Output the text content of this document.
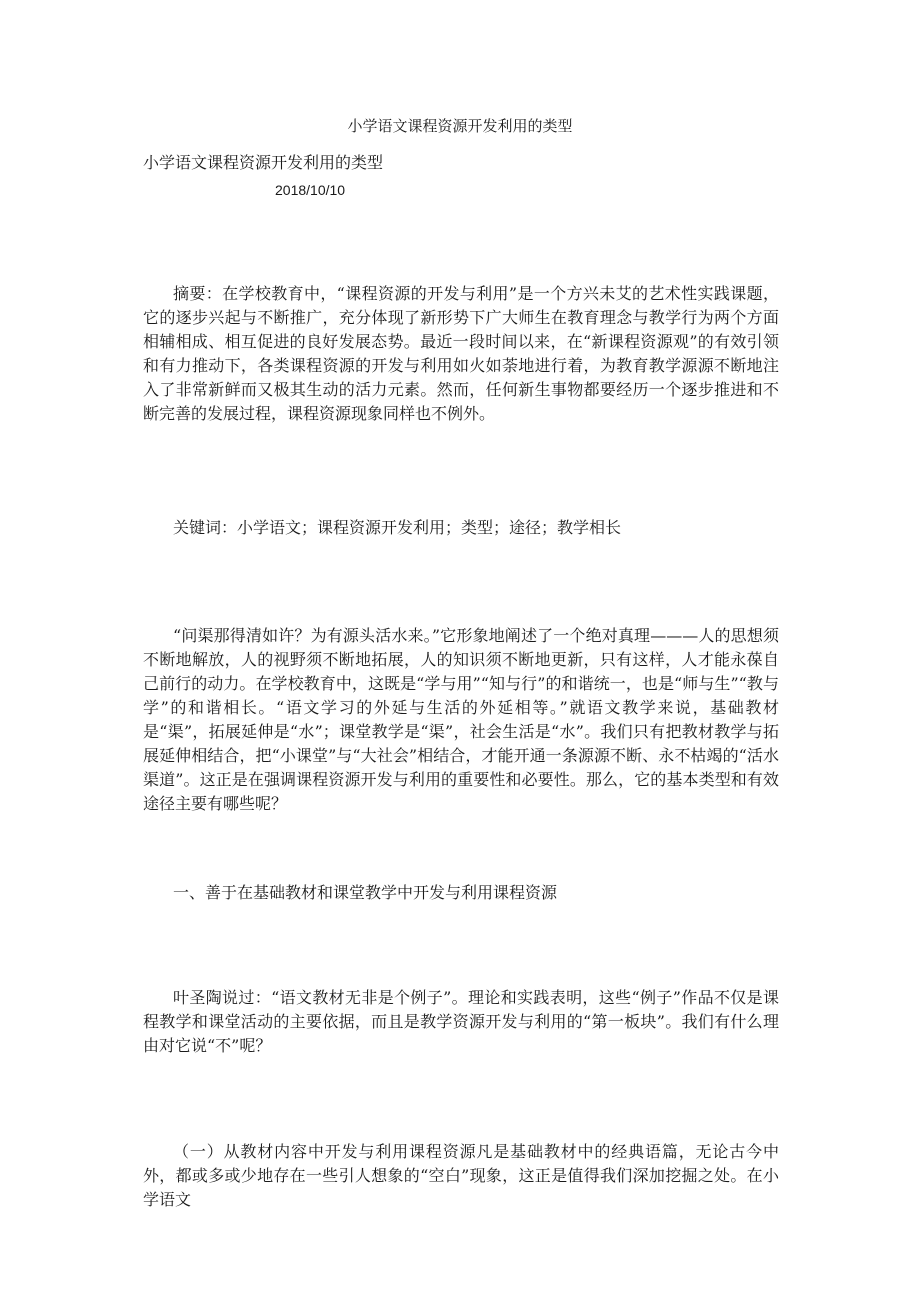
小学语文课程资源开发利用的类型
小学语文课程资源开发利用的类型
2018/10/10

摘要：在学校教育中，“课程资源的开发与利用”是一个方兴未艾的艺术性实践课题，它的逐步兴起与不断推广，充分体现了新形势下广大师生在教育理念与教学行为两个方面相辅相成、相互促进的良好发展态势。最近一段时间以来，在“新课程资源观”的有效引领和有力推动下，各类课程资源的开发与利用如火如荼地进行着，为教育教学源源不断地注入了非常新鲜而又极其生动的活力元素。然而，任何新生事物都要经历一个逐步推进和不断完善的发展过程，课程资源现象同样也不例外。

关键词：小学语文；课程资源开发利用；类型；途径；教学相长

“问渠那得清如许？为有源头活水来。”它形象地阐述了一个绝对真理———人的思想须不断地解放，人的视野须不断地拓展，人的知识须不断地更新，只有这样，人才能永葆自己前行的动力。在学校教育中，这既是“学与用”“知与行”的和谐统一，也是“师与生”“教与学”的和谐相长。“语文学习的外延与生活的外延相等。”就语文教学来说，基础教材是“渠”，拓展延伸是“水”；课堂教学是“渠”，社会生活是“水”。我们只有把教材教学与拓展延伸相结合，把“小课堂”与“大社会”相结合，才能开通一条源源不断、永不枯竭的“活水渠道”。这正是在强调课程资源开发与利用的重要性和必要性。那么，它的基本类型和有效途径主要有哪些呢？

一、善于在基础教材和课堂教学中开发与利用课程资源

叶圣陶说过：“语文教材无非是个例子”。理论和实践表明，这些“例子”作品不仅是课程教学和课堂活动的主要依据，而且是教学资源开发与利用的“第一板块”。我们有什么理由对它说“不”呢？

（一）从教材内容中开发与利用课程资源凡是基础教材中的经典语篇，无论古今中外，都或多或少地存在一些引人想象的“空白”现象，这正是值得我们深加挖掘之处。在小学语文
